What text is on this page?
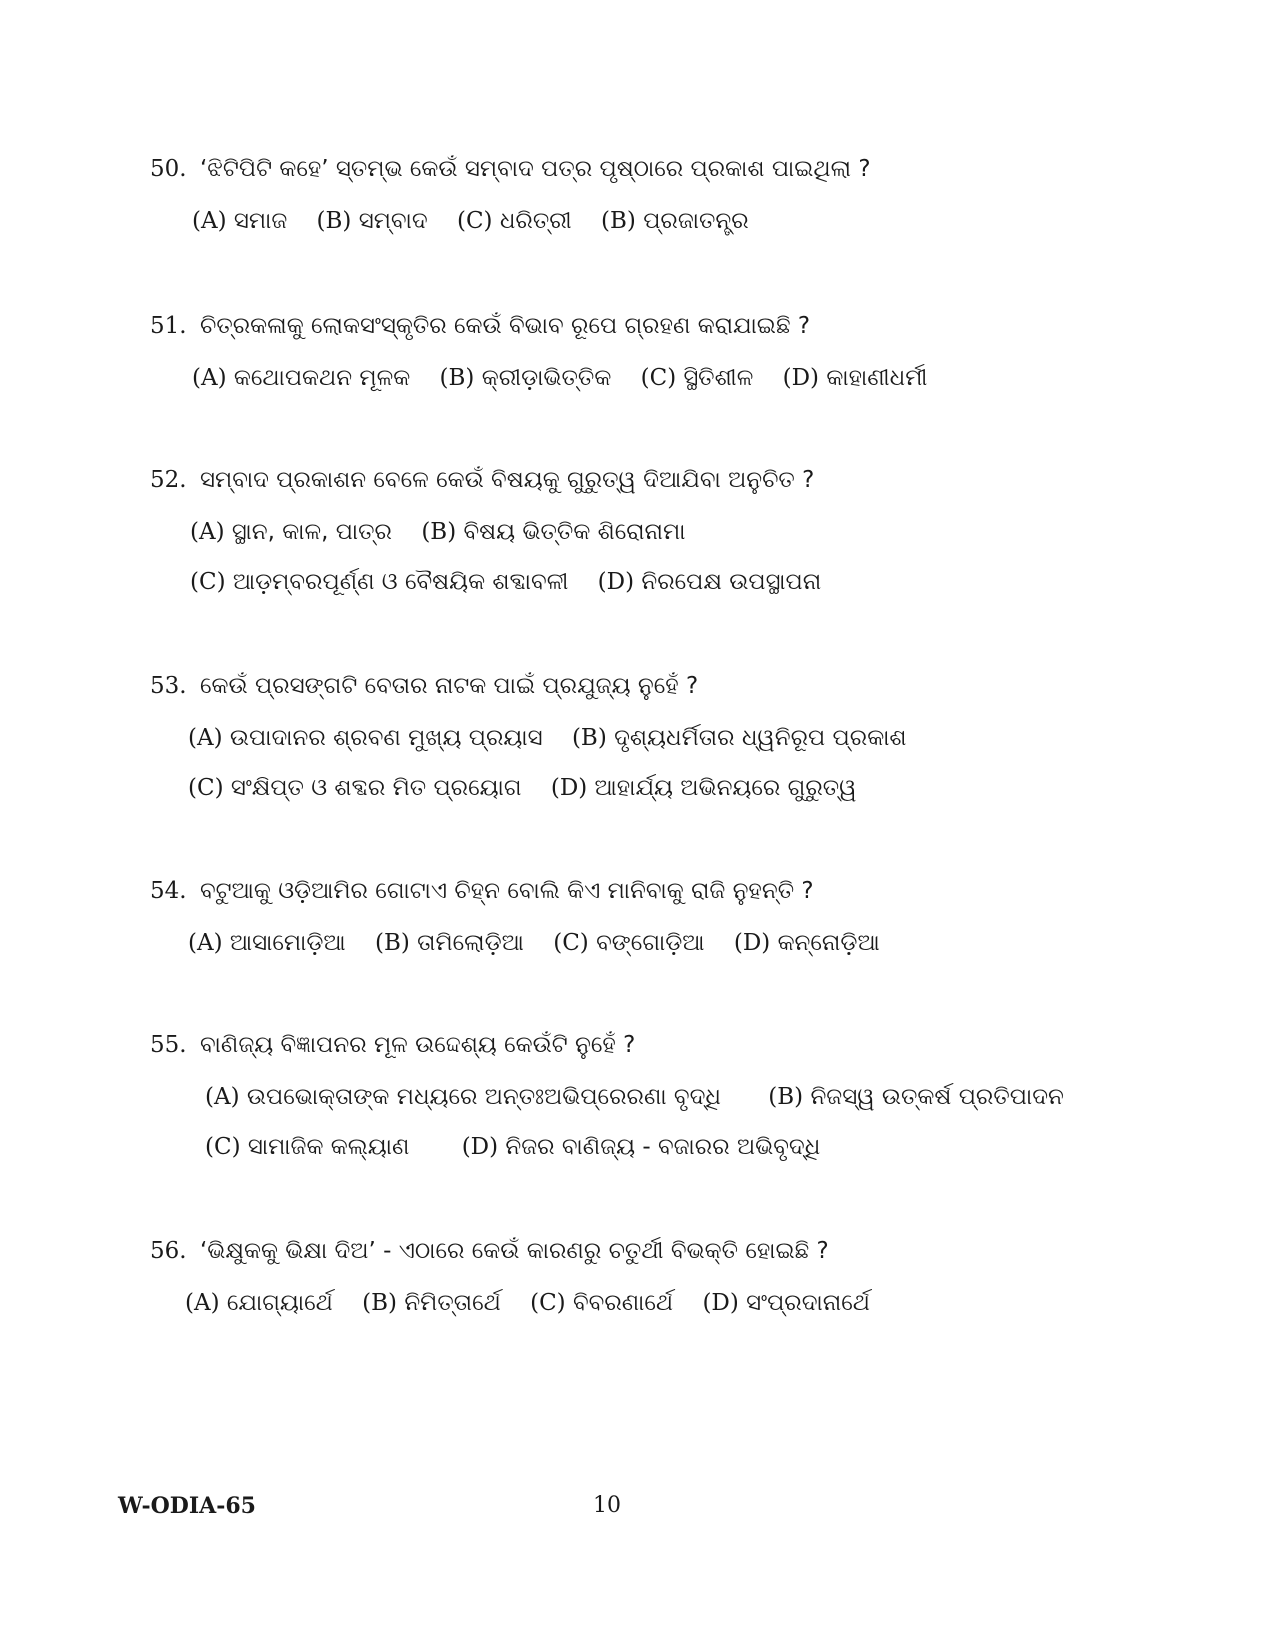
50. ‘ଝିଟିପିଟି କହେ’ ସ୍ତମ୍ଭ କେଉଁ ସମ୍ବାଦ ପତ୍ର ପୃଷ୍ଠାରେ ପ୍ରକାଶ ପାଇଥିଲା ?
(A) ସମାଜ (B) ସମ୍ବାଦ (C) ଧରିତ୍ରୀ (B) ପ୍ରଜାତନ୍ତ୍ର
51. ଚିତ୍ରକଳାକୁ ଲୋକସଂସ୍କୃତିର କେଉଁ ବିଭାବ ରୂପେ ଗ୍ରହଣ କରାଯାଇଛି ?
(A) କଥୋପକଥନ ମୂଳକ (B) କ୍ରୀଡ଼ାଭିତ୍ତିକ (C) ସ୍ଥିତିଶୀଳ (D) କାହାଣୀଧର୍ମୀ
52. ସମ୍ବାଦ ପ୍ରକାଶନ ବେଳେ କେଉଁ ବିଷୟକୁ ଗୁରୁତ୍ୱ ଦିଆଯିବା ଅନୁଚିତ ?
(A) ସ୍ଥାନ, କାଳ, ପାତ୍ର (B) ବିଷୟ ଭିତ୍ତିକ ଶିରୋନାମା
(C) ଆଡ଼ମ୍ବରପୂର୍ଣ୍ଣ ଓ ବୈଷୟିକ ଶବ୍ଦାବଳୀ (D) ନିରପେକ୍ଷ ଉପସ୍ଥାପନା
53. କେଉଁ ପ୍ରସଙ୍ଗଟି ବେତାର ନାଟକ ପାଇଁ ପ୍ରଯୁଜ୍ୟ ନୁହେଁ ?
(A) ଉପାଦାନର ଶ୍ରବଣ ମୁଖ୍ୟ ପ୍ରୟାସ (B) ଦୃଶ୍ୟଧର୍ମିତାର ଧ୍ୱନିରୂପ ପ୍ରକାଶ
(C) ସଂକ୍ଷିପ୍ତ ଓ ଶବ୍ଦର ମିତ ପ୍ରୟୋଗ (D) ଆହାର୍ଯ୍ୟ ଅଭିନୟରେ ଗୁରୁତ୍ୱ
54. ବଟୁଆକୁ ଓଡ଼ିଆମିର ଗୋଟାଏ ଚିହ୍ନ ବୋଲି କିଏ ମାନିବାକୁ ରାଜି ନୁହନ୍ତି ?
(A) ଆସାମୋଡ଼ିଆ (B) ତାମିଲୋଡ଼ିଆ (C) ବଙ୍ଗୋଡ଼ିଆ (D) କନ୍ନୋଡ଼ିଆ
55. ବାଣିଜ୍ୟ ବିଜ୍ଞାପନର ମୂଳ ଉଦ୍ଦେଶ୍ୟ କେଉଁଟି ନୁହେଁ ?
(A) ଉପଭୋକ୍ତାଙ୍କ ମଧ୍ୟରେ ଅନ୍ତଃଅଭିପ୍ରେରଣା ବୃଦ୍ଧି (B) ନିଜସ୍ୱ ଉତ୍କର୍ଷ ପ୍ରତିପାଦନ
(C) ସାମାଜିକ କଲ୍ୟାଣ (D) ନିଜର ବାଣିଜ୍ୟ - ବଜାରର ଅଭିବୃଦ୍ଧି
56. ‘ଭିକ୍ଷୁକକୁ ଭିକ୍ଷା ଦିଅ’ - ଏଠାରେ କେଉଁ କାରଣରୁ ଚତୁର୍ଥୀ ବିଭକ୍ତି ହୋଇଛି ?
(A) ଯୋଗ୍ୟାର୍ଥେ (B) ନିମିତ୍ତାର୍ଥେ (C) ବିବରଣାର୍ଥେ (D) ସଂପ୍ରଦାନାର୍ଥେ
W-ODIA-65	10
